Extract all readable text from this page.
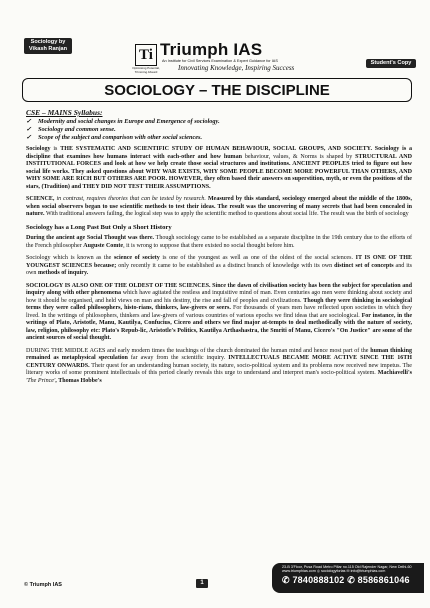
Sociology by Vikash Ranjan
Student's Copy
Ti
Optimising Potential, Trimming Absurd
Triumph IAS
An Institute for Civil Services Examination & Expert Guidance for IAS
Innovating Knowledge, Inspiring Success
SOCIOLOGY – THE DISCIPLINE
CSE – MAINS Syllabus:
✓ Modernity and social changes in Europe and Emergence of sociology.
✓ Sociology and common sense.
✓ Scope of the subject and comparison with other social sciences.

Sociology is THE SYSTEMATIC AND SCIENTIFIC STUDY OF HUMAN BEHAVIOUR, SOCIAL GROUPS, AND SOCIETY. Sociology is a discipline that examines how humans interact with each-other and how human behaviour, values, & Norms is shaped by STRUCTURAL AND INSTITUTIONAL FORCES and look at how we help create those social structures and institutions. ANCIENT PEOPLES tried to figure out how social life works. They asked questions about WHY WAR EXISTS, WHY SOME PEOPLE BECOME MORE POWERFUL THAN OTHERS, AND WHY SOME ARE RICH BUT OTHERS ARE POOR. HOWEVER, they often based their answers on superstition, myth, or even the positions of the stars, (Tradition) and THEY DID NOT TEST THEIR ASSUMPTIONS.

SCIENCE, in contrast, requires theories that can be tested by research. Measured by this standard, sociology emerged about the middle of the 1800s, when social observers began to use scientific methods to test their ideas. The result was the uncovering of many secrets that had been concealed in nature. With traditional answers failing, the logical step was to apply the scientific method to questions about social life. The result was the birth of sociology

Sociology has a Long Past But Only a Short History

During the ancient age Social Thought was there. Though sociology came to be established as a separate discipline in the 19th century due to the efforts of the French philosopher Auguste Comte, it is wrong to suppose that there existed no social thought before him.

Sociology which is known as the science of society is one of the youngest as well as one of the oldest of the social sciences. IT IS ONE OF THE YOUNGEST SCIENCES because; only recently it came to be established as a distinct branch of knowledge with its own distinct set of concepts and its own methods of inquiry.

SOCIOLOGY IS ALSO ONE OF THE OLDEST OF THE SCIENCES. Since the dawn of civilisation society has been the subject for speculation and inquiry along with other phenomena which have agitated the restless and inquisitive mind of man. Even centuries ago men were thinking about society and how it should be organised, and held views on man and his destiny, the rise and fall of peoples and civilizations. Though they were thinking in sociological terms they were called philosophers, histo-rians, thinkers, law-givers or seers. For thousands of years men have reflected upon societies in which they lived. In the writings of philosophers, thinkers and law-givers of various countries of various epochs we find ideas that are sociological. For instance, in the writings of Plato, Aristotle, Manu, Kautilya, Confucius, Cicero and others we find major at-tempts to deal methodically with the nature of society, law, religion, philosophy etc: Plato's Repub-lic, Aristotle's Politics, Kautilya Arthashastra, the Smriti of Manu, Cicero's "On Justice" are some of the ancient sources of social thought.

DURING THE MIDDLE AGES and early modern times the teachings of the church dominated the human mind and hence most part of the human thinking remained as metaphysical speculation far away from the scientific inquiry. INTELLECTUALS BECAME MORE ACTIVE SINCE THE 16TH CENTURY ONWARDS. Their quest for an understanding human society, its nature, socio-political system and its problems now received new impetus. The literary works of some prominent intellectuals of this period clearly reveals this urge to understand and interpret man's socio-political system. Machiavelli's 'The Prince', Thomas Hobbe's

© Triumph IAS	1
23-B 3'Floor, Pusa Road Metro Pillar no.115 Old Rajender Nagar, New Delhi-60
www.triumphias.com ◎ sociologyforias ✉ info@triumphias.com
✆ 7840888102 ✆ 8586861046
